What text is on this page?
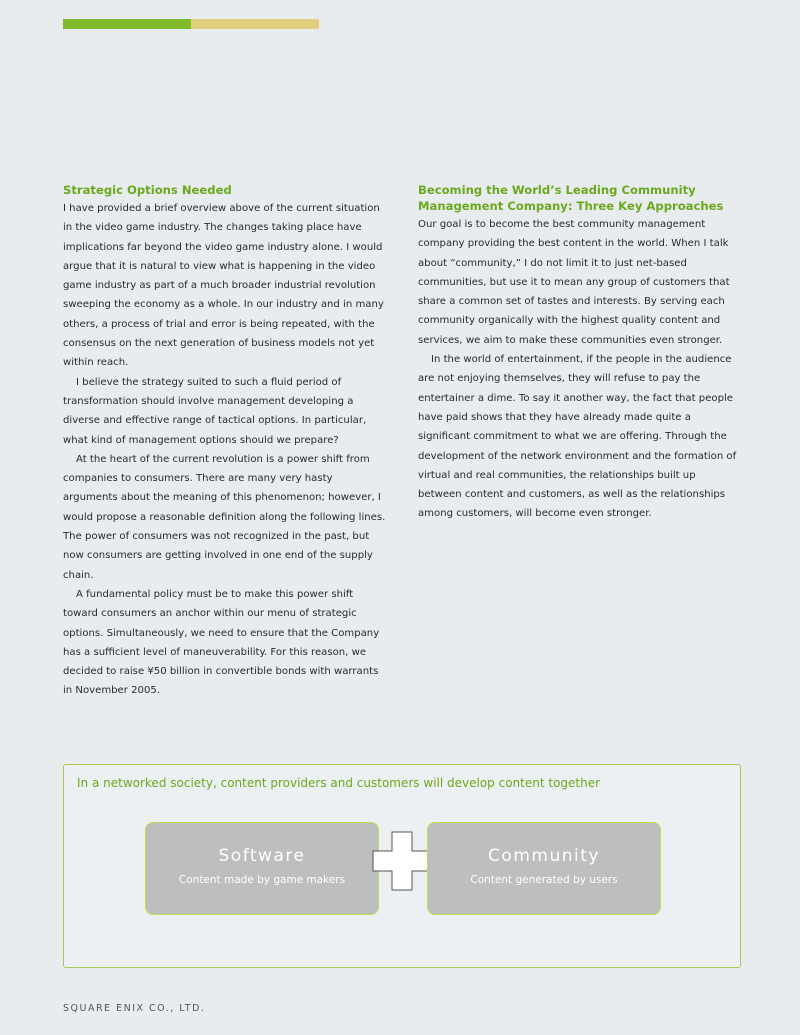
Strategic Options Needed

I have provided a brief overview above of the current situation in the video game industry. The changes taking place have implications far beyond the video game industry alone. I would argue that it is natural to view what is happening in the video game industry as part of a much broader industrial revolution sweeping the economy as a whole. In our industry and in many others, a process of trial and error is being repeated, with the consensus on the next generation of business models not yet within reach.

I believe the strategy suited to such a fluid period of transformation should involve management developing a diverse and effective range of tactical options. In particular, what kind of management options should we prepare?

At the heart of the current revolution is a power shift from companies to consumers. There are many very hasty arguments about the meaning of this phenomenon; however, I would propose a reasonable definition along the following lines. The power of consumers was not recognized in the past, but now consumers are getting involved in one end of the supply chain.

A fundamental policy must be to make this power shift toward consumers an anchor within our menu of strategic options. Simultaneously, we need to ensure that the Company has a sufficient level of maneuverability. For this reason, we decided to raise ¥50 billion in convertible bonds with warrants in November 2005.

Becoming the World’s Leading Community Management Company: Three Key Approaches

Our goal is to become the best community management company providing the best content in the world. When I talk about “community,” I do not limit it to just net-based communities, but use it to mean any group of customers that share a common set of tastes and interests. By serving each community organically with the highest quality content and services, we aim to make these communities even stronger.

In the world of entertainment, if the people in the audience are not enjoying themselves, they will refuse to pay the entertainer a dime. To say it another way, the fact that people have paid shows that they have already made quite a significant commitment to what we are offering. Through the development of the network environment and the formation of virtual and real communities, the relationships built up between content and customers, as well as the relationships among customers, will become even stronger.

In a networked society, content providers and customers will develop content together
Software
Content made by game makers
Community
Content generated by users
SQUARE ENIX CO., LTD.
